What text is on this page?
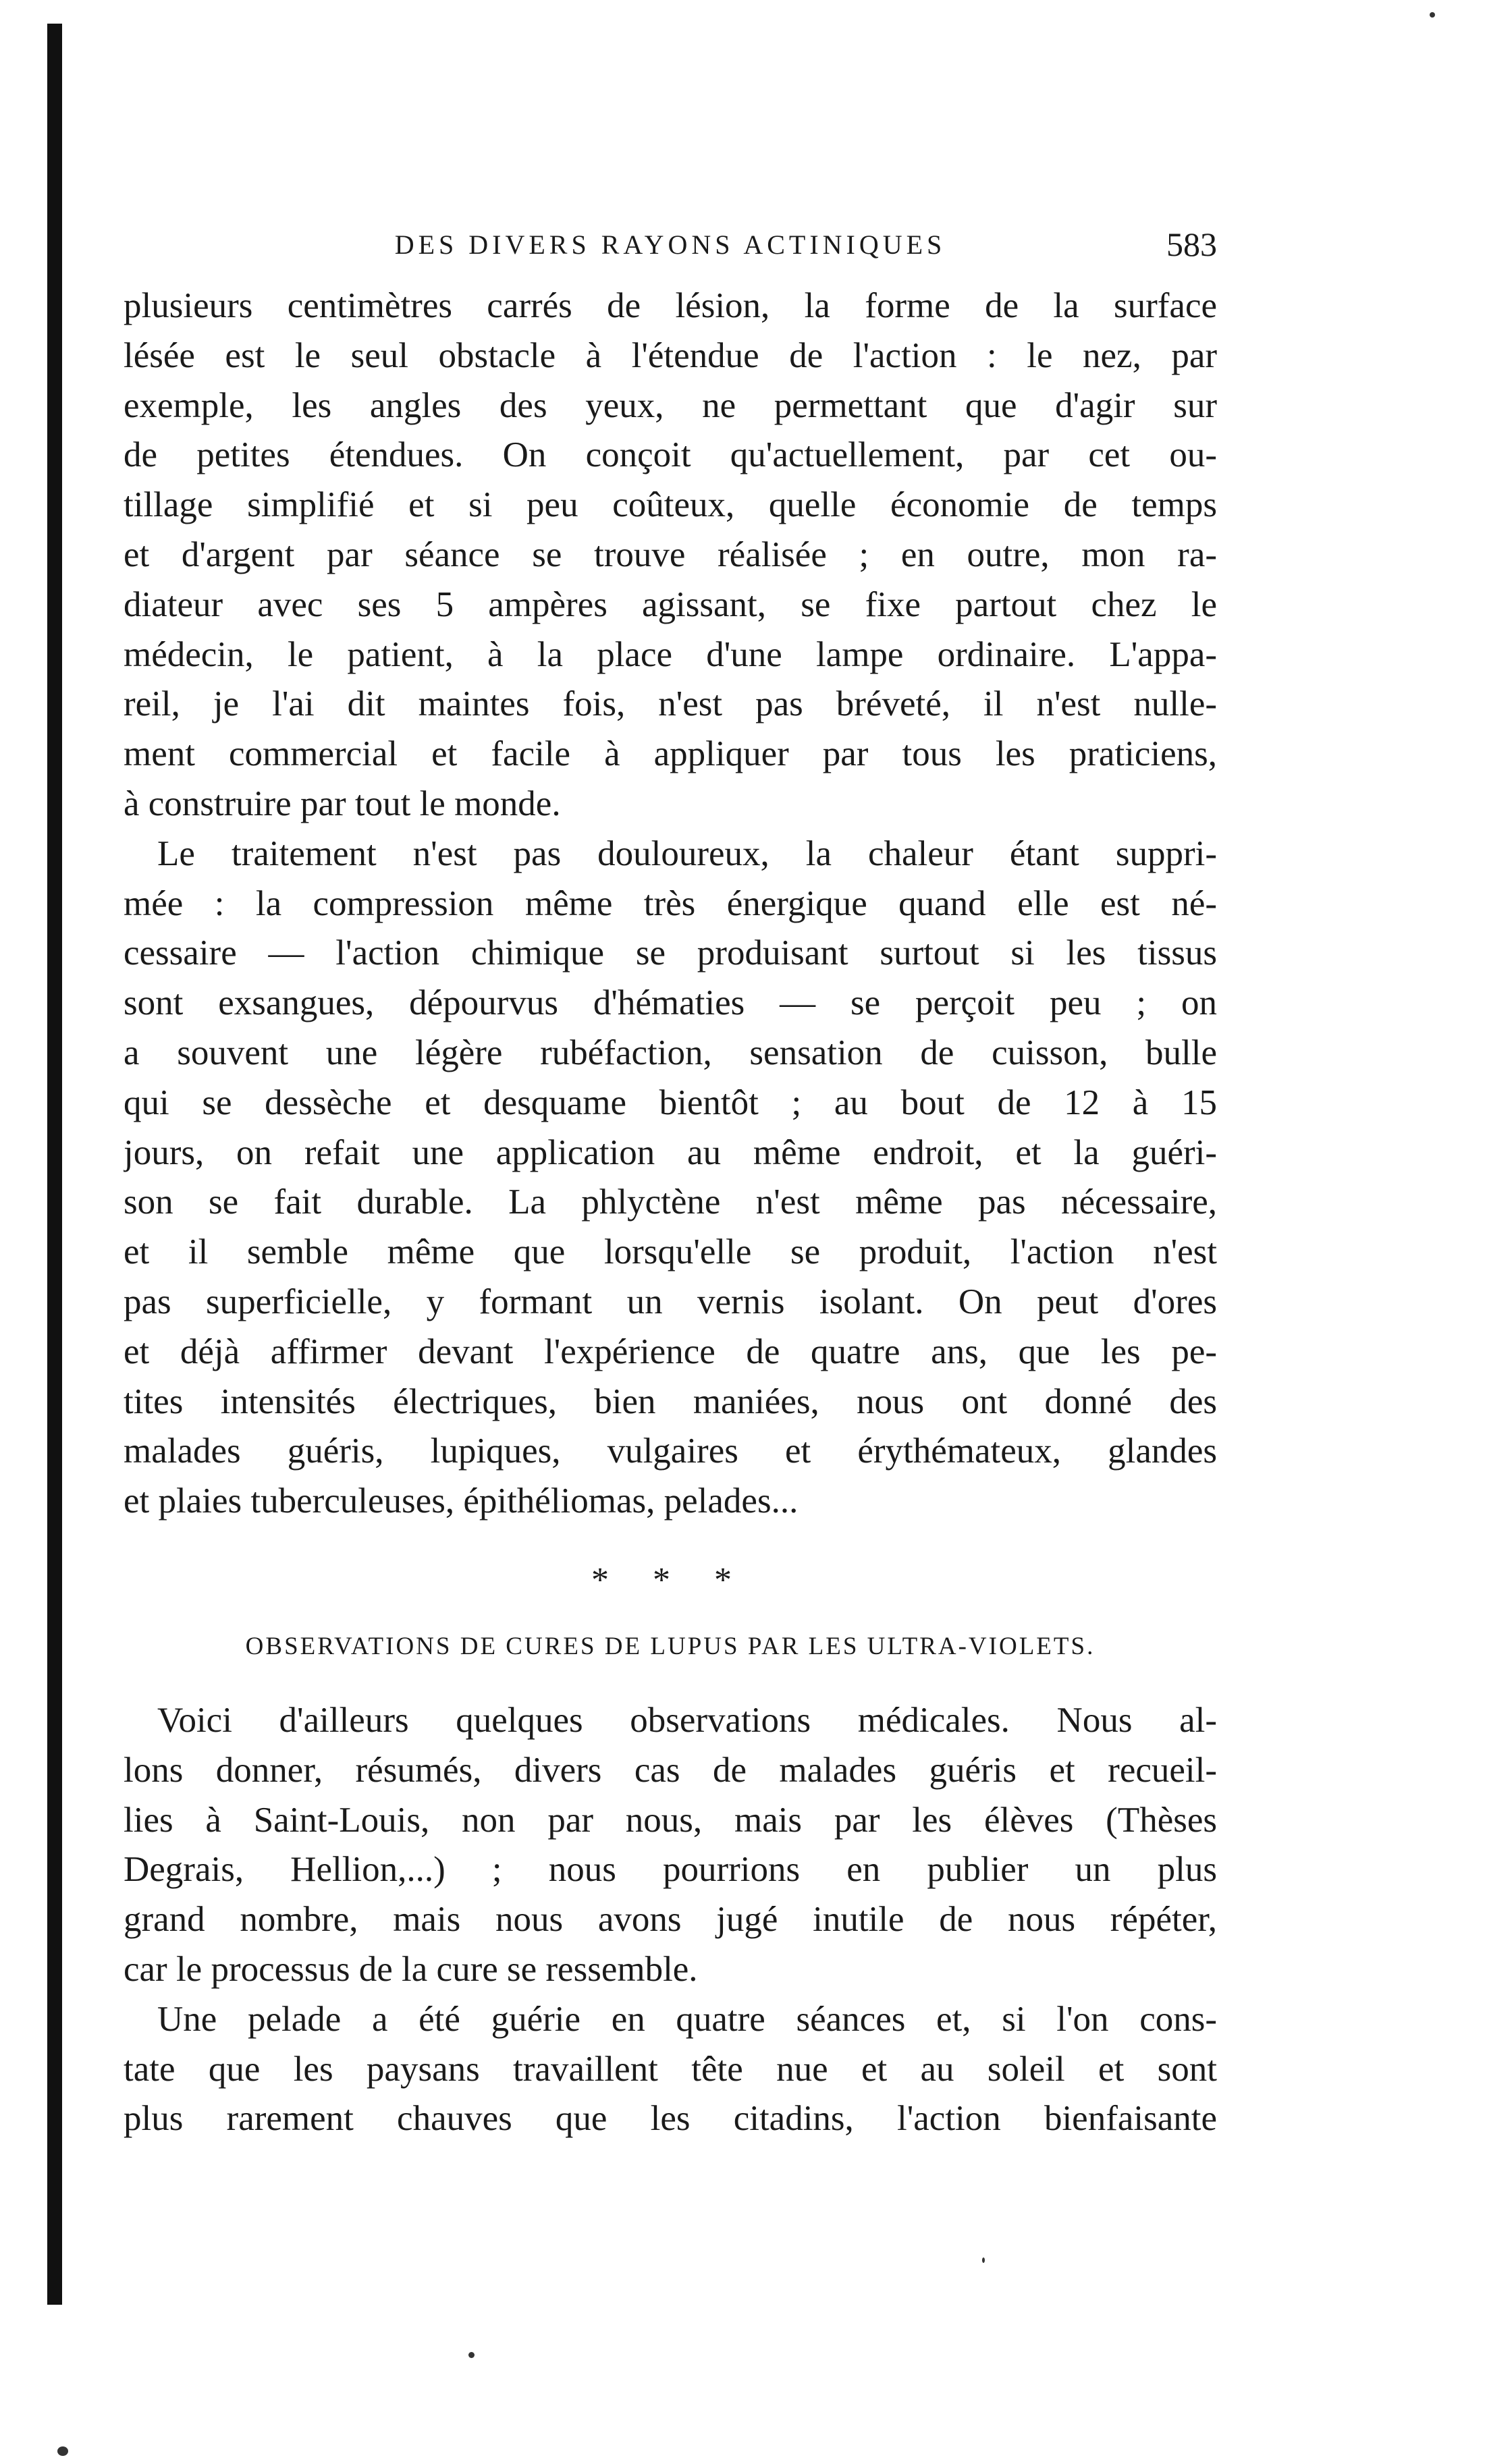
DES DIVERS RAYONS ACTINIQUES	583

plusieurs centimètres carrés de lésion, la forme de la surface
lésée est le seul obstacle à l'étendue de l'action : le nez, par
exemple, les angles des yeux, ne permettant que d'agir sur
de petites étendues. On conçoit qu'actuellement, par cet ou-
tillage simplifié et si peu coûteux, quelle économie de temps
et d'argent par séance se trouve réalisée ; en outre, mon ra-
diateur avec ses 5 ampères agissant, se fixe partout chez le
médecin, le patient, à la place d'une lampe ordinaire. L'appa-
reil, je l'ai dit maintes fois, n'est pas bréveté, il n'est nulle-
ment commercial et facile à appliquer par tous les praticiens,
à construire par tout le monde.

Le traitement n'est pas douloureux, la chaleur étant suppri-
mée : la compression même très énergique quand elle est né-
cessaire — l'action chimique se produisant surtout si les tissus
sont exsangues, dépourvus d'hématies — se perçoit peu ; on
a souvent une légère rubéfaction, sensation de cuisson, bulle
qui se dessèche et desquame bientôt ; au bout de 12 à 15
jours, on refait une application au même endroit, et la guéri-
son se fait durable. La phlyctène n'est même pas nécessaire,
et il semble même que lorsqu'elle se produit, l'action n'est
pas superficielle, y formant un vernis isolant. On peut d'ores
et déjà affirmer devant l'expérience de quatre ans, que les pe-
tites intensités électriques, bien maniées, nous ont donné des
malades guéris, lupiques, vulgaires et érythémateux, glandes
et plaies tuberculeuses, épithéliomas, pelades...

* * *
OBSERVATIONS DE CURES DE LUPUS PAR LES ULTRA-VIOLETS.

Voici d'ailleurs quelques observations médicales. Nous al-
lons donner, résumés, divers cas de malades guéris et recueil-
lies à Saint-Louis, non par nous, mais par les élèves (Thèses
Degrais, Hellion,...) ; nous pourrions en publier un plus
grand nombre, mais nous avons jugé inutile de nous répéter,
car le processus de la cure se ressemble.

Une pelade a été guérie en quatre séances et, si l'on cons-
tate que les paysans travaillent tête nue et au soleil et sont
plus rarement chauves que les citadins, l'action bienfaisante
